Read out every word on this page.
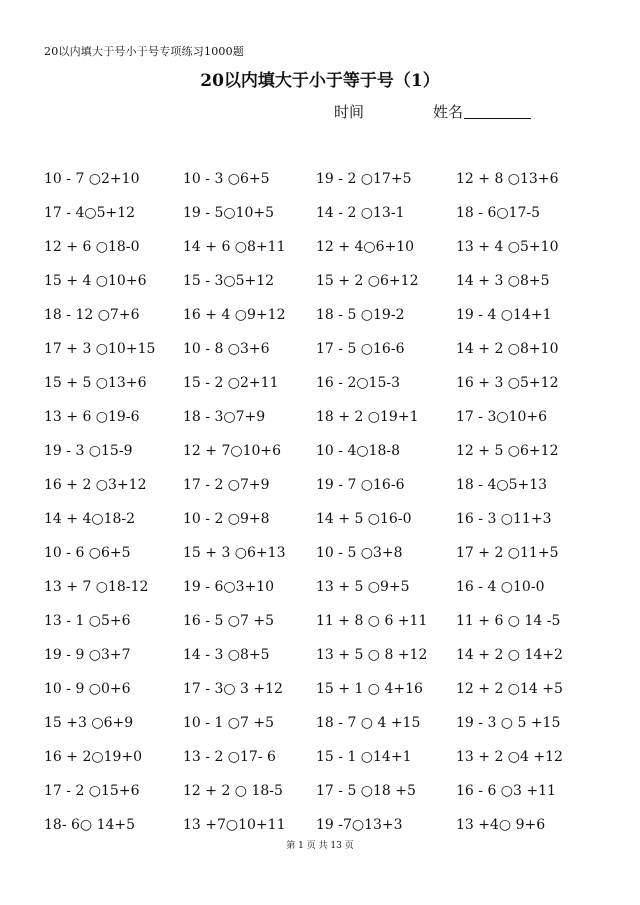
20以内填大于号小于号专项练习1000题
20以内填大于小于等于号（1）
时间	姓名
10 - 7 ○2+10	10 - 3 ○6+5	19 - 2 ○17+5	12 + 8 ○13+6
17 - 4○5+12	19 - 5○10+5	14 - 2 ○13-1	18 - 6○17-5
12 + 6 ○18-0	14 + 6 ○8+11	12 + 4○6+10	13 + 4 ○5+10
15 + 4 ○10+6	15 - 3○5+12	15 + 2 ○6+12	14 + 3 ○8+5
18 - 12 ○7+6	16 + 4 ○9+12	18 - 5 ○19-2	19 - 4 ○14+1
17 + 3 ○10+15	10 - 8 ○3+6	17 - 5 ○16-6	14 + 2 ○8+10
15 + 5 ○13+6	15 - 2 ○2+11	16 - 2○15-3	16 + 3 ○5+12
13 + 6 ○19-6	18 - 3○7+9	18 + 2 ○19+1	17 - 3○10+6
19 - 3 ○15-9	12 + 7○10+6	10 - 4○18-8	12 + 5 ○6+12
16 + 2 ○3+12	17 - 2 ○7+9	19 - 7 ○16-6	18 - 4○5+13
14 + 4○18-2	10 - 2 ○9+8	14 + 5 ○16-0	16 - 3 ○11+3
10 - 6 ○6+5	15 + 3 ○6+13	10 - 5 ○3+8	17 + 2 ○11+5
13 + 7 ○18-12	19 - 6○3+10	13 + 5 ○9+5	16 - 4 ○10-0
13 - 1 ○5+6	16 - 5 ○7 +5	11 + 8 ○ 6 +11	11 + 6 ○ 14 -5
19 - 9 ○3+7	14 - 3 ○8+5	13 + 5 ○ 8 +12	14 + 2 ○ 14+2
10 - 9 ○0+6	17 - 3○ 3 +12	15 + 1 ○ 4+16	12 + 2 ○14 +5
15 +3 ○6+9	10 - 1 ○7 +5	18 - 7 ○ 4 +15	19 - 3 ○ 5 +15
16 + 2○19+0	13 - 2 ○17- 6	15 - 1 ○14+1	13 + 2 ○4 +12
17 - 2 ○15+6	12 + 2 ○ 18-5	17 - 5 ○18 +5	16 - 6 ○3 +11
18- 6○ 14+5	13 +7○10+11	19 -7○13+3	13 +4○ 9+6
第 1 页 共 13 页
